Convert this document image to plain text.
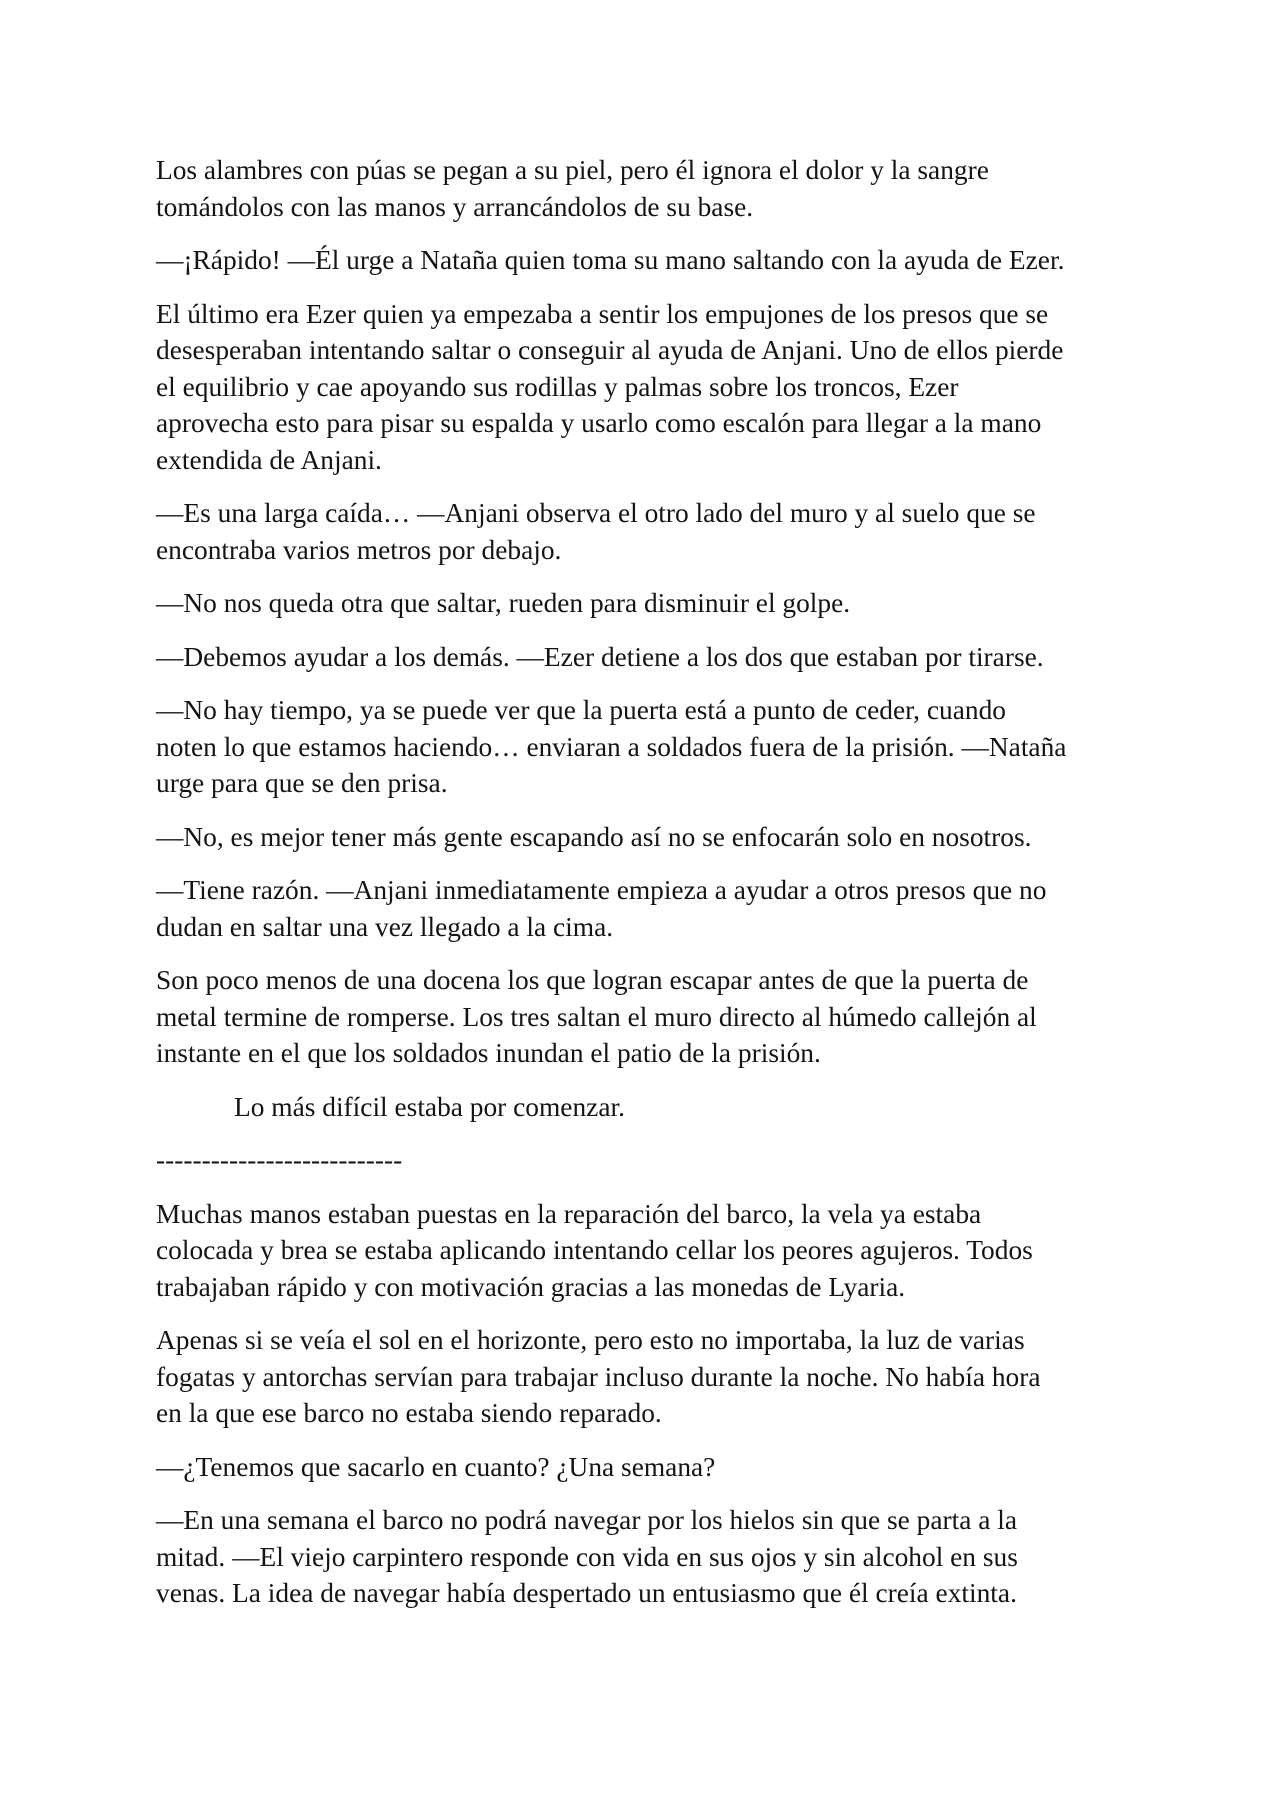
Los alambres con púas se pegan a su piel, pero él ignora el dolor y la sangre
tomándolos con las manos y arrancándolos de su base.

—¡Rápido! —Él urge a Nataña quien toma su mano saltando con la ayuda de Ezer.

El último era Ezer quien ya empezaba a sentir los empujones de los presos que se
desesperaban intentando saltar o conseguir al ayuda de Anjani. Uno de ellos pierde
el equilibrio y cae apoyando sus rodillas y palmas sobre los troncos, Ezer
aprovecha esto para pisar su espalda y usarlo como escalón para llegar a la mano
extendida de Anjani.

—Es una larga caída… —Anjani observa el otro lado del muro y al suelo que se
encontraba varios metros por debajo.

—No nos queda otra que saltar, rueden para disminuir el golpe.

—Debemos ayudar a los demás. —Ezer detiene a los dos que estaban por tirarse.

—No hay tiempo, ya se puede ver que la puerta está a punto de ceder, cuando
noten lo que estamos haciendo… enviaran a soldados fuera de la prisión. —Nataña
urge para que se den prisa.

—No, es mejor tener más gente escapando así no se enfocarán solo en nosotros.

—Tiene razón. —Anjani inmediatamente empieza a ayudar a otros presos que no
dudan en saltar una vez llegado a la cima.

Son poco menos de una docena los que logran escapar antes de que la puerta de
metal termine de romperse. Los tres saltan el muro directo al húmedo callejón al
instante en el que los soldados inundan el patio de la prisión.

Lo más difícil estaba por comenzar.

---------------------------

Muchas manos estaban puestas en la reparación del barco, la vela ya estaba
colocada y brea se estaba aplicando intentando cellar los peores agujeros. Todos
trabajaban rápido y con motivación gracias a las monedas de Lyaria.

Apenas si se veía el sol en el horizonte, pero esto no importaba, la luz de varias
fogatas y antorchas servían para trabajar incluso durante la noche. No había hora
en la que ese barco no estaba siendo reparado.

—¿Tenemos que sacarlo en cuanto? ¿Una semana?

—En una semana el barco no podrá navegar por los hielos sin que se parta a la
mitad. —El viejo carpintero responde con vida en sus ojos y sin alcohol en sus
venas. La idea de navegar había despertado un entusiasmo que él creía extinta.
